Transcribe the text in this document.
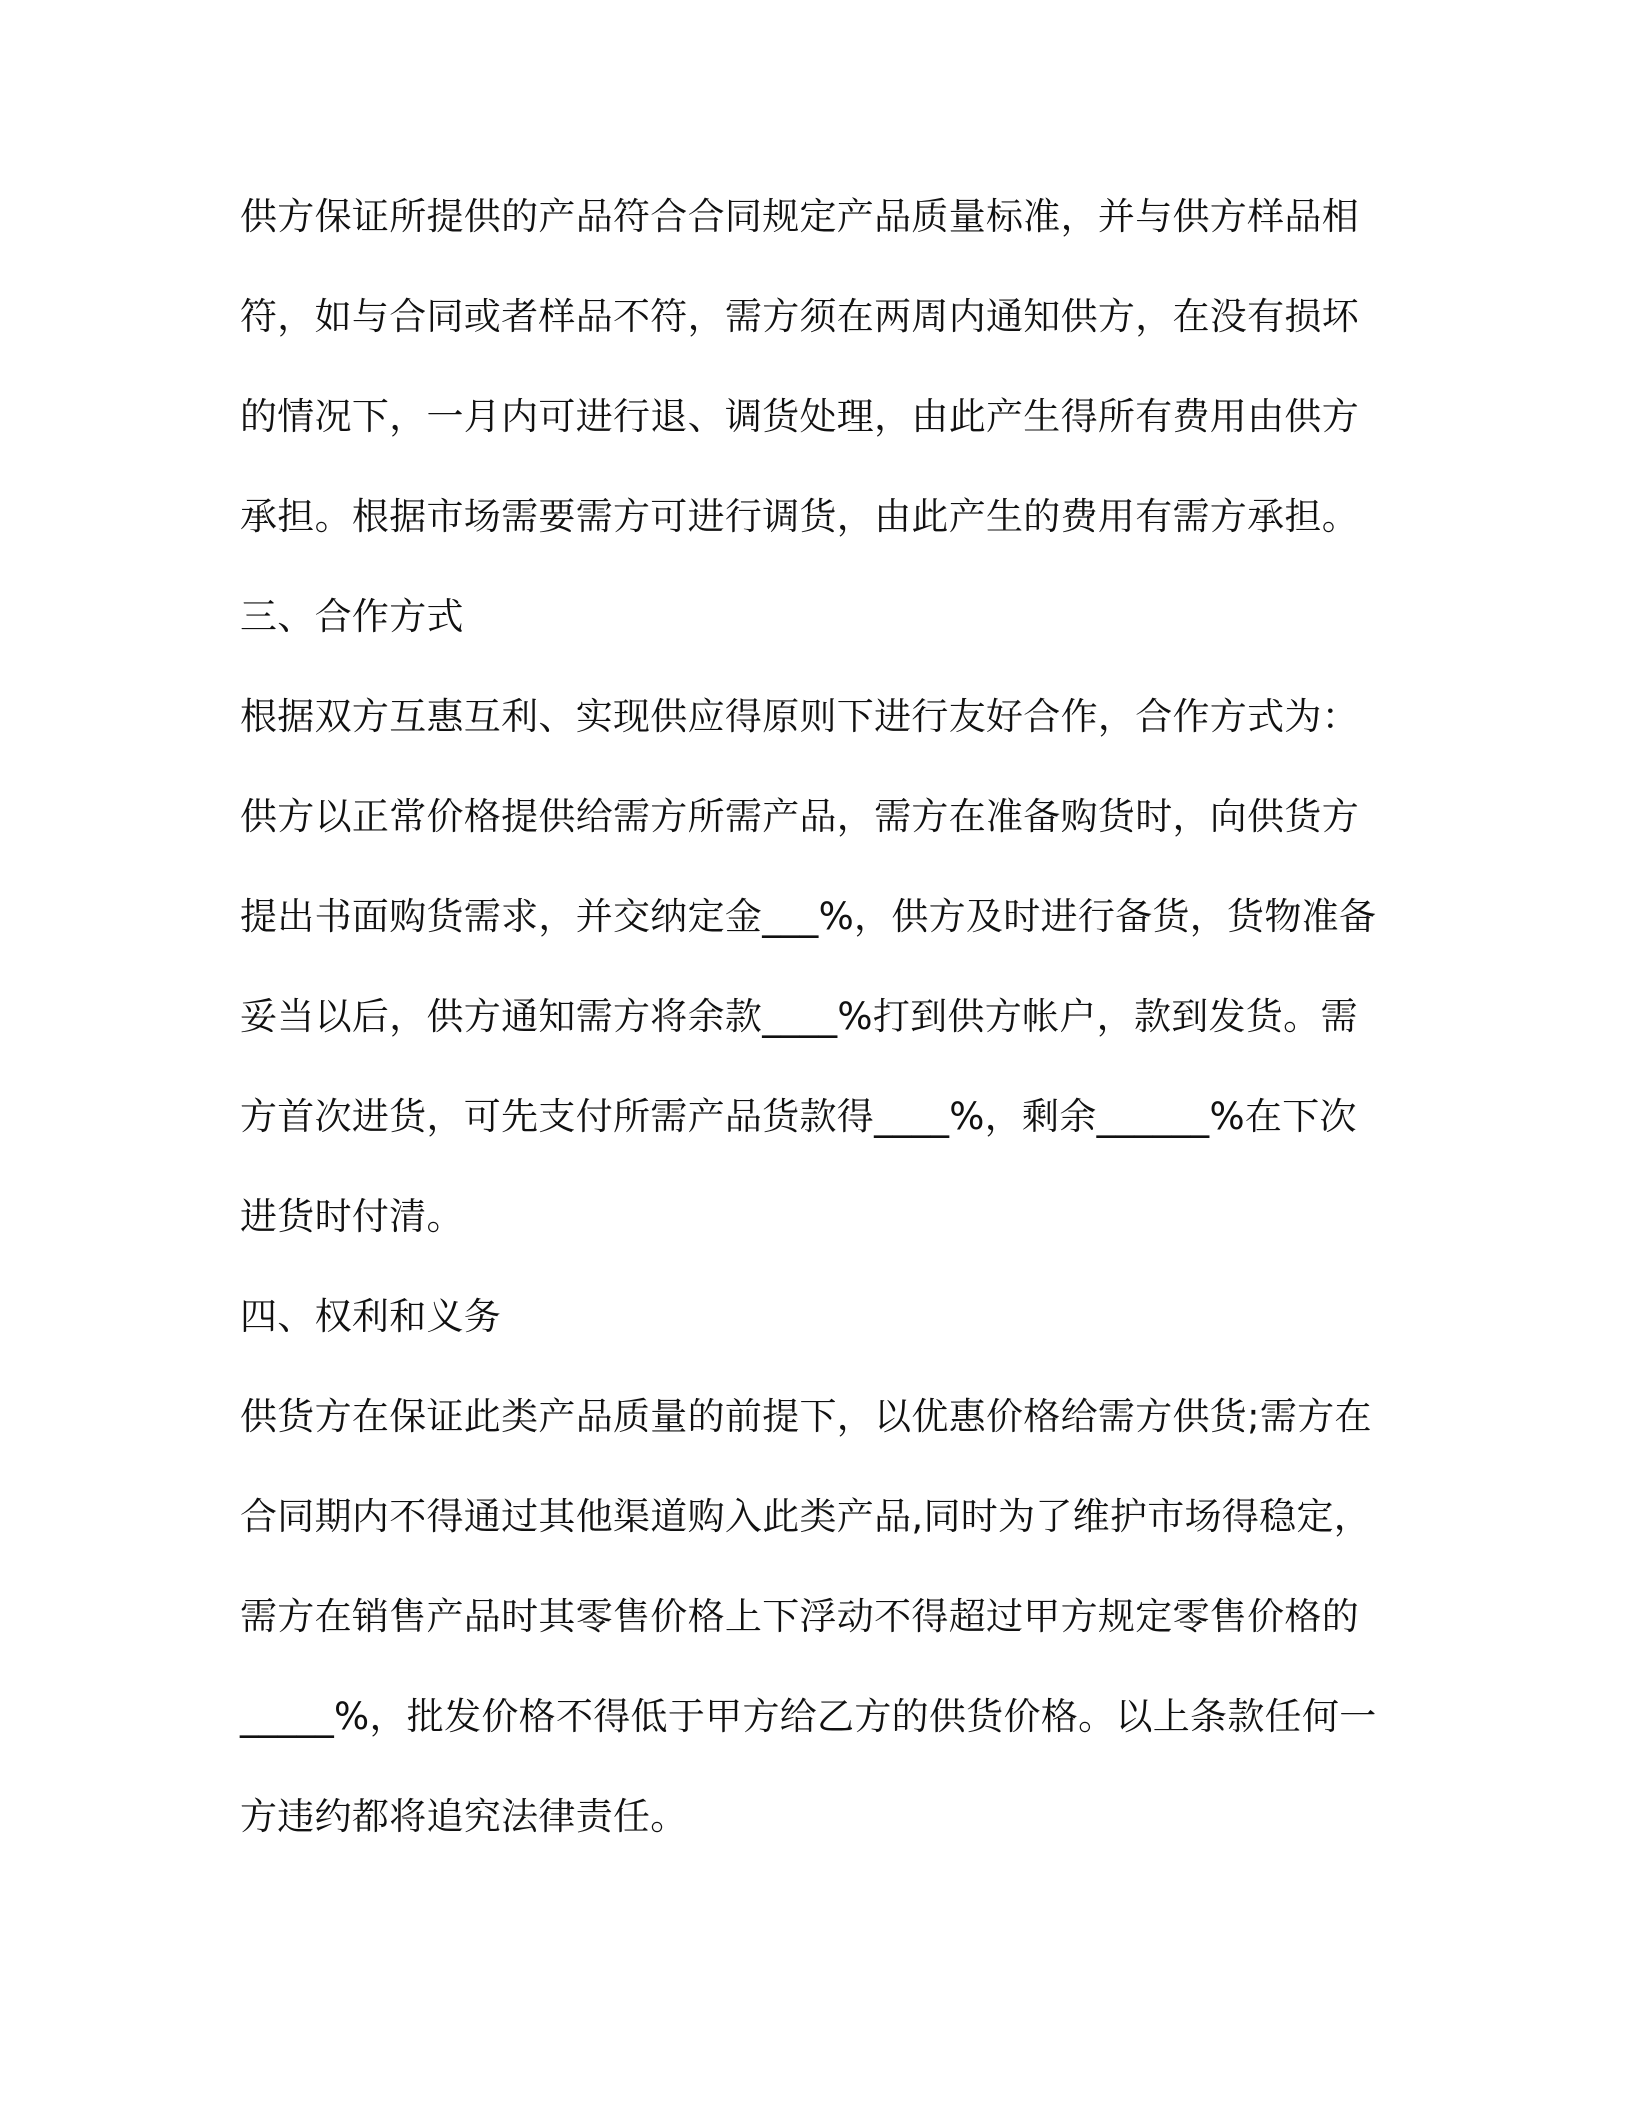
供方保证所提供的产品符合合同规定产品质量标准，并与供方样品相
符，如与合同或者样品不符，需方须在两周内通知供方，在没有损坏
的情况下，一月内可进行退、调货处理，由此产生得所有费用由供方
承担。根据市场需要需方可进行调货，由此产生的费用有需方承担。
三、合作方式
根据双方互惠互利、实现供应得原则下进行友好合作，合作方式为：
供方以正常价格提供给需方所需产品，需方在准备购货时，向供货方
提出书面购货需求，并交纳定金___%，供方及时进行备货，货物准备
妥当以后，供方通知需方将余款____%打到供方帐户，款到发货。需
方首次进货，可先支付所需产品货款得____%，剩余______%在下次
进货时付清。
四、权利和义务
供货方在保证此类产品质量的前提下，以优惠价格给需方供货;需方在
合同期内不得通过其他渠道购入此类产品,同时为了维护市场得稳定，
需方在销售产品时其零售价格上下浮动不得超过甲方规定零售价格的
_____%，批发价格不得低于甲方给乙方的供货价格。以上条款任何一
方违约都将追究法律责任。
